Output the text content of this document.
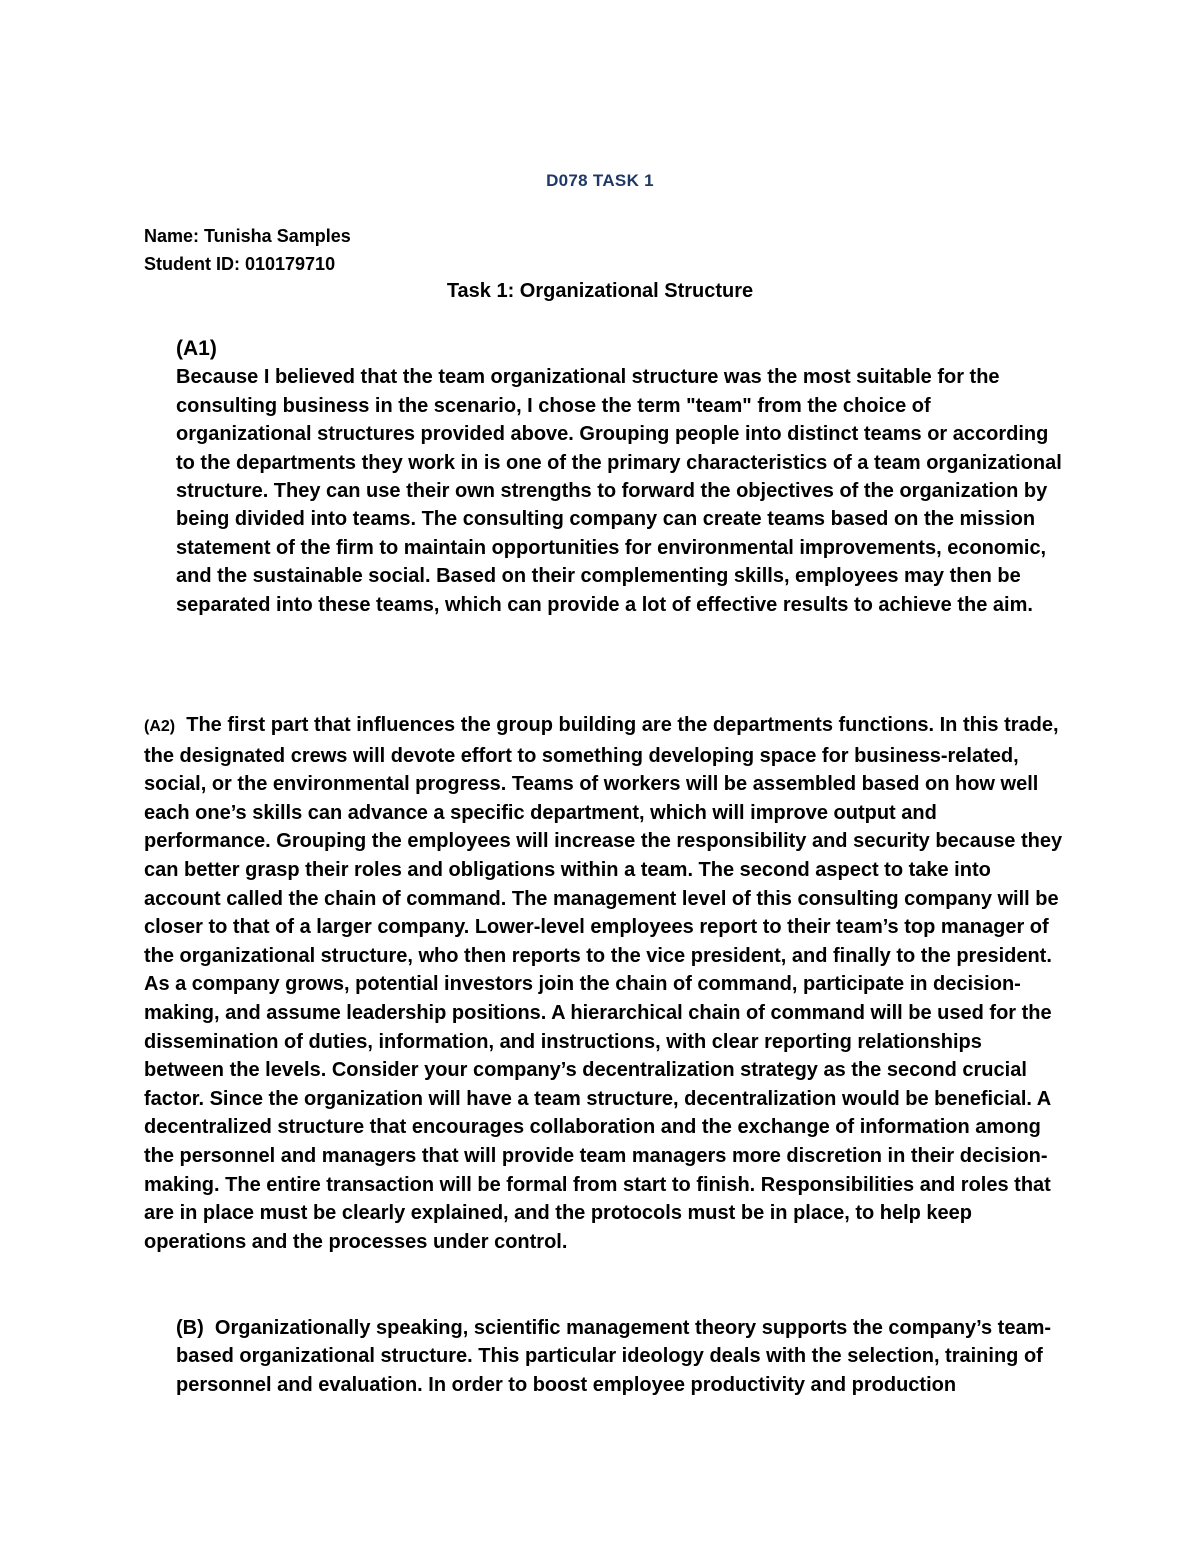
D078 TASK 1
Name: Tunisha Samples
Student ID: 010179710
Task 1: Organizational Structure
(A1)
Because I believed that the team organizational structure was the most suitable for the consulting business in the scenario, I chose the term "team" from the choice of organizational structures provided above. Grouping people into distinct teams or according to the departments they work in is one of the primary characteristics of a team organizational structure. They can use their own strengths to forward the objectives of the organization by being divided into teams. The consulting company can create teams based on the mission statement of the firm to maintain opportunities for environmental improvements, economic, and the sustainable social. Based on their complementing skills, employees may then be separated into these teams, which can provide a lot of effective results to achieve the aim.
(A2) The first part that influences the group building are the departments functions. In this trade, the designated crews will devote effort to something developing space for business-related, social, or the environmental progress. Teams of workers will be assembled based on how well each one’s skills can advance a specific department, which will improve output and performance. Grouping the employees will increase the responsibility and security because they can better grasp their roles and obligations within a team. The second aspect to take into account called the chain of command. The management level of this consulting company will be closer to that of a larger company. Lower-level employees report to their team’s top manager of the organizational structure, who then reports to the vice president, and finally to the president. As a company grows, potential investors join the chain of command, participate in decision-making, and assume leadership positions. A hierarchical chain of command will be used for the dissemination of duties, information, and instructions, with clear reporting relationships between the levels. Consider your company’s decentralization strategy as the second crucial factor. Since the organization will have a team structure, decentralization would be beneficial. A decentralized structure that encourages collaboration and the exchange of information among the personnel and managers that will provide team managers more discretion in their decision-making. The entire transaction will be formal from start to finish. Responsibilities and roles that are in place must be clearly explained, and the protocols must be in place, to help keep operations and the processes under control.
(B) Organizationally speaking, scientific management theory supports the company’s team-based organizational structure. This particular ideology deals with the selection, training of personnel and evaluation. In order to boost employee productivity and production
